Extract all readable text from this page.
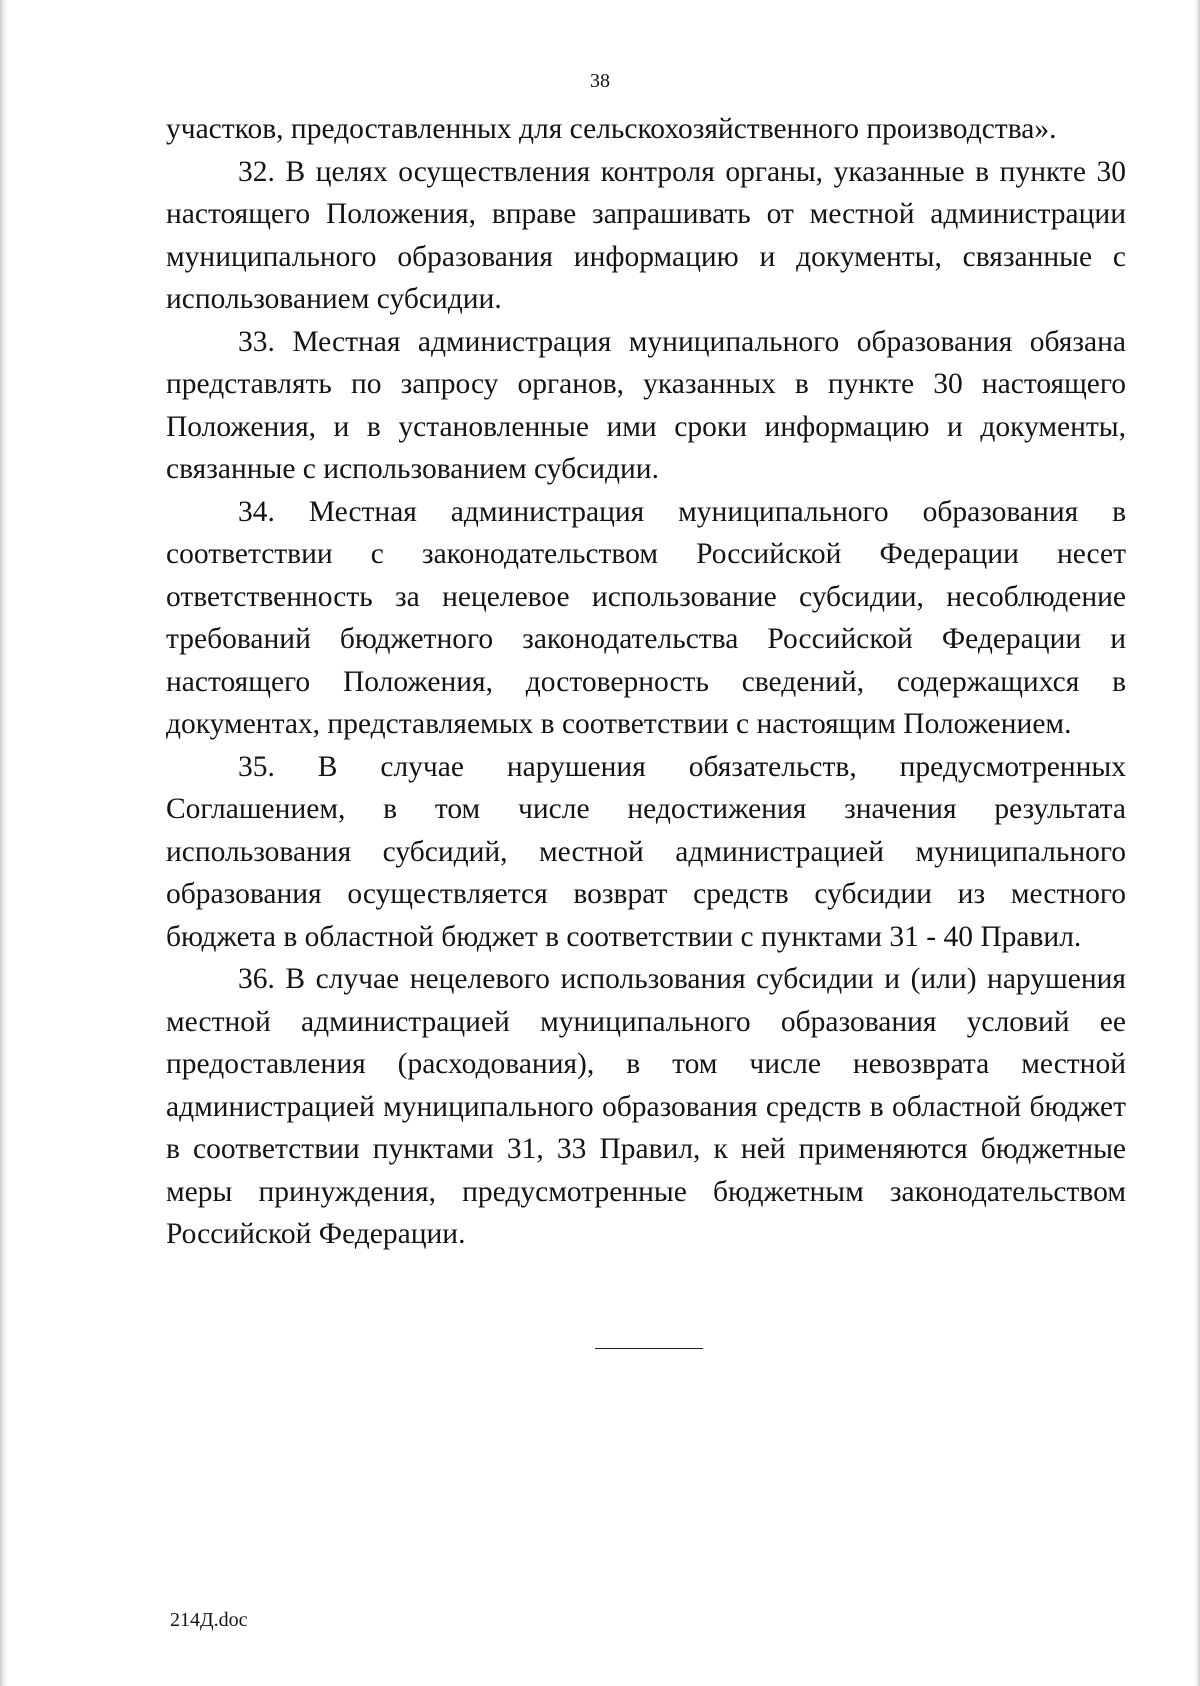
38

участков, предоставленных для сельскохозяйственного производства».

32. В целях осуществления контроля органы, указанные в пункте 30 настоящего Положения, вправе запрашивать от местной администрации муниципального образования информацию и документы, связанные с использованием субсидии.

33. Местная администрация муниципального образования обязана представлять по запросу органов, указанных в пункте 30 настоящего Положения, и в установленные ими сроки информацию и документы, связанные с использованием субсидии.

34. Местная администрация муниципального образования в соответствии с законодательством Российской Федерации несет ответственность за нецелевое использование субсидии, несоблюдение требований бюджетного законодательства Российской Федерации и настоящего Положения, достоверность сведений, содержащихся в документах, представляемых в соответствии с настоящим Положением.

35. В случае нарушения обязательств, предусмотренных Соглашением, в том числе недостижения значения результата использования субсидий, местной администрацией муниципального образования осуществляется возврат средств субсидии из местного бюджета в областной бюджет в соответствии с пунктами 31 - 40 Правил.

36. В случае нецелевого использования субсидии и (или) нарушения местной администрацией муниципального образования условий ее предоставления (расходования), в том числе невозврата местной администрацией муниципального образования средств в областной бюджет в соответствии пунктами 31, 33 Правил, к ней применяются бюджетные меры принуждения, предусмотренные бюджетным законодательством Российской Федерации.

214Д.doc
